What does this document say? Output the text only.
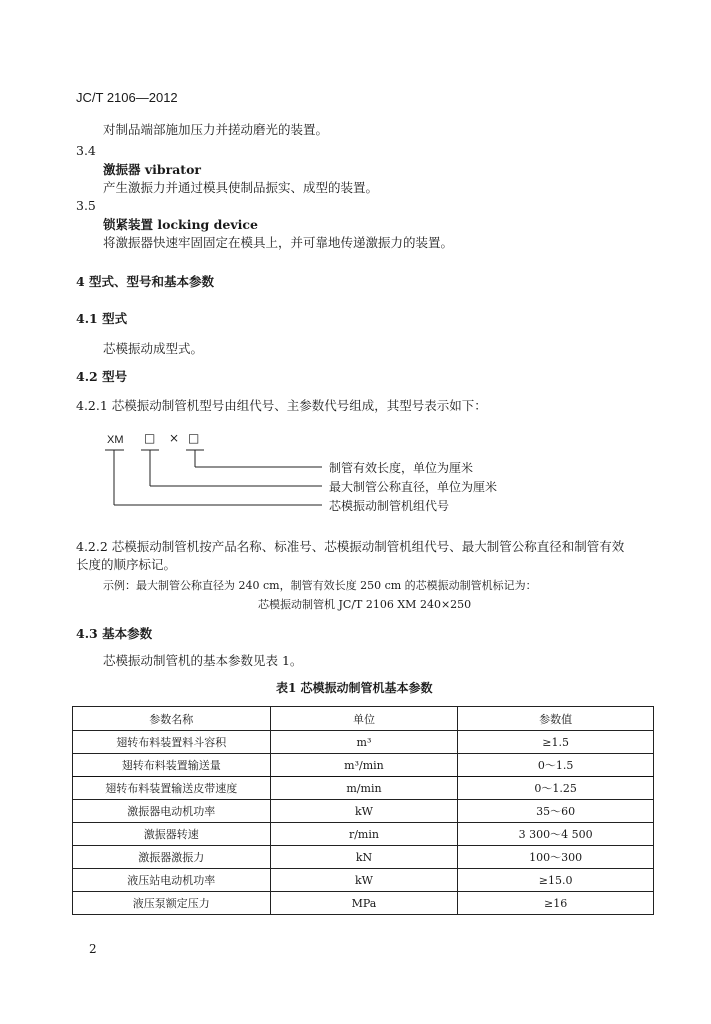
JC/T 2106—2012
对制品端部施加压力并搓动磨光的装置。
3.4
激振器 vibrator
产生激振力并通过模具使制品振实、成型的装置。
3.5
锁紧装置 locking device
将激振器快速牢固固定在模具上，并可靠地传递激振力的装置。
4 型式、型号和基本参数
4.1 型式
芯模振动成型式。
4.2 型号
4.2.1 芯模振动制管机型号由组代号、主参数代号组成，其型号表示如下：
XM □ × □
制管有效长度，单位为厘米
最大制管公称直径，单位为厘米
芯模振动制管机组代号
4.2.2 芯模振动制管机按产品名称、标准号、芯模振动制管机组代号、最大制管公称直径和制管有效
长度的顺序标记。
示例：最大制管公称直径为 240 cm，制管有效长度 250 cm 的芯模振动制管机标记为：
芯模振动制管机 JC/T 2106 XM 240×250
4.3 基本参数
芯模振动制管机的基本参数见表 1。
表1 芯模振动制管机基本参数
参数名称	单位	参数值
翅转布料装置料斗容积	m³	≥1.5
翅转布料装置输送量	m³/min	0～1.5
翅转布料装置输送皮带速度	m/min	0～1.25
激振器电动机功率	kW	35～60
激振器转速	r/min	3 300～4 500
激振器激振力	kN	100～300
液压站电动机功率	kW	≥15.0
液压泵额定压力	MPa	≥16
2
